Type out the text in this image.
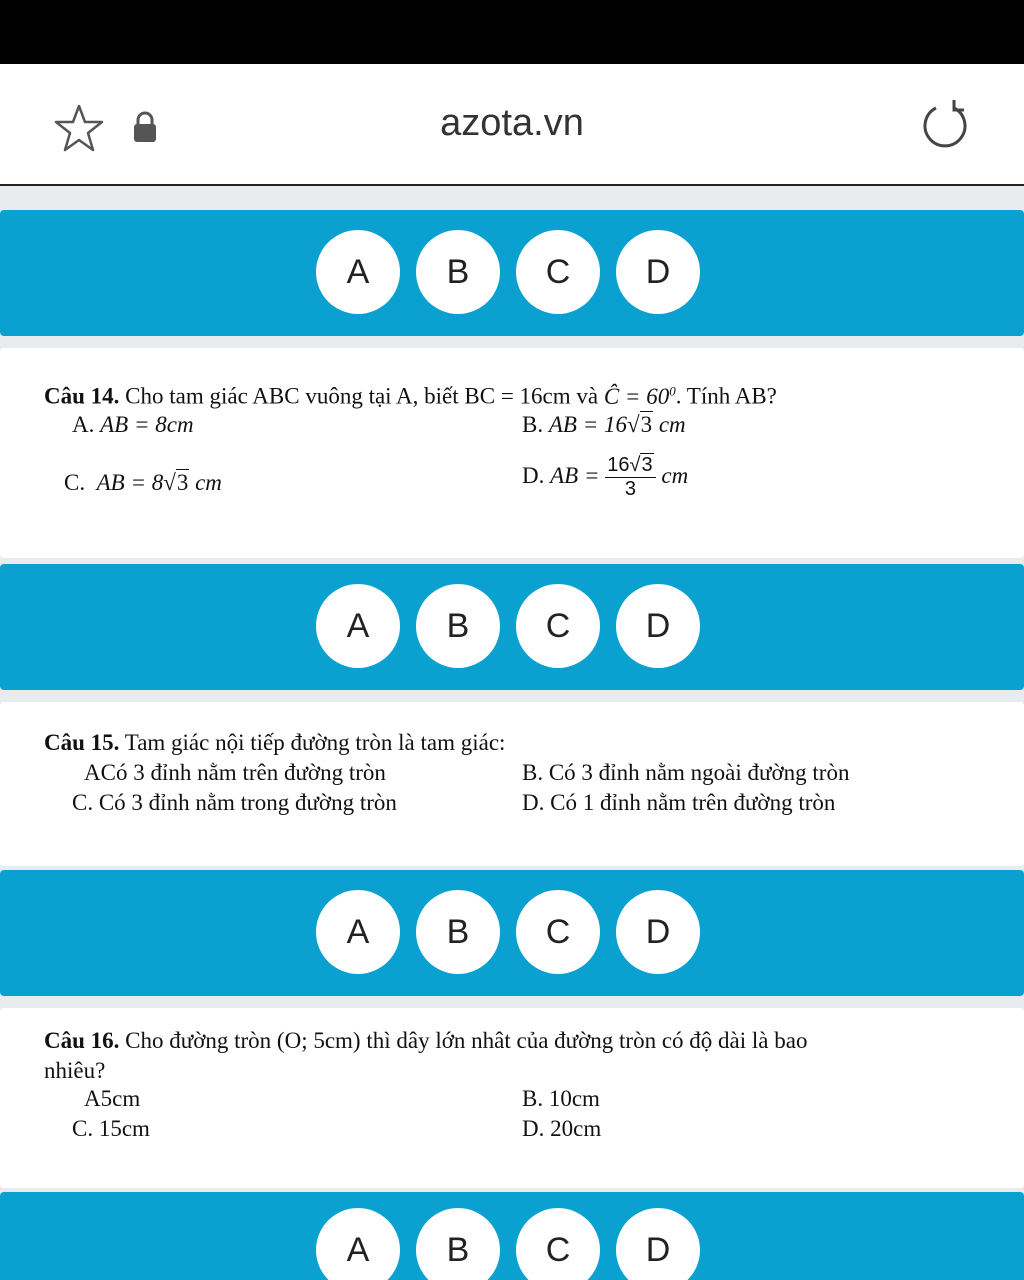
azota.vn
A	B	C	D
Câu 14. Cho tam giác ABC vuông tại A, biết BC = 16cm và Ĉ = $60^0$. Tính AB?
A. AB = 8cm	B. AB = 16√3 cm
C. AB = 8√3 cm	D. AB = $\frac{16√3}{3}$ cm
A	B	C	D
Câu 15. Tam giác nội tiếp đường tròn là tam giác:
ACó 3 đỉnh nằm trên đường tròn	B. Có 3 đỉnh nằm ngoài đường tròn
C. Có 3 đỉnh nằm trong đường tròn	D. Có 1 đỉnh nằm trên đường tròn
A	B	C	D
Câu 16. Cho đường tròn (O; 5cm) thì dây lớn nhât của đường tròn có độ dài là bao
nhiêu?
A5cm	B. 10cm
C. 15cm	D. 20cm
A	B	C	D
